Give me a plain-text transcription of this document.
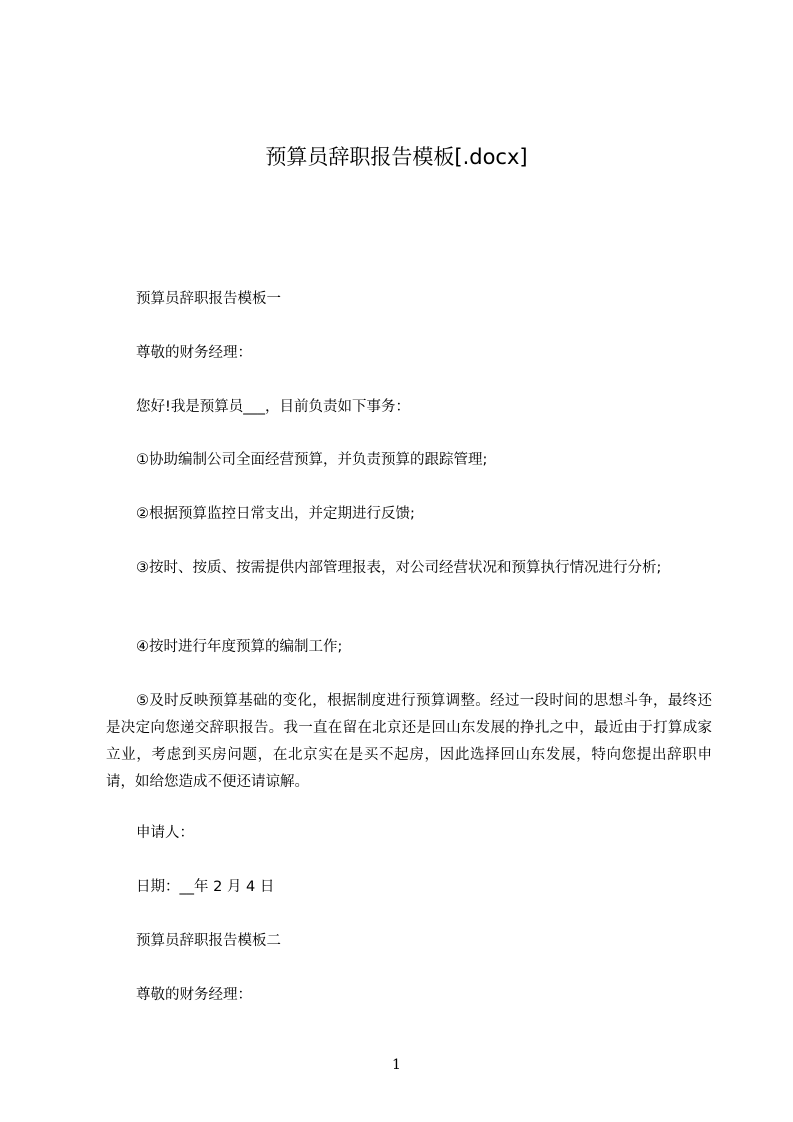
预算员辞职报告模板[.docx]

预算员辞职报告模板一

尊敬的财务经理：

您好!我是预算员___，目前负责如下事务：

①协助编制公司全面经营预算，并负责预算的跟踪管理;

②根据预算监控日常支出，并定期进行反馈;

③按时、按质、按需提供内部管理报表，对公司经营状况和预算执行情况进行分析;

④按时进行年度预算的编制工作;

⑤及时反映预算基础的变化，根据制度进行预算调整。经过一段时间的思想斗争，最终还是决定向您递交辞职报告。我一直在留在北京还是回山东发展的挣扎之中，最近由于打算成家立业，考虑到买房问题，在北京实在是买不起房，因此选择回山东发展，特向您提出辞职申请，如给您造成不便还请谅解。

申请人：

日期：__年 2 月 4 日

预算员辞职报告模板二

尊敬的财务经理：

1
